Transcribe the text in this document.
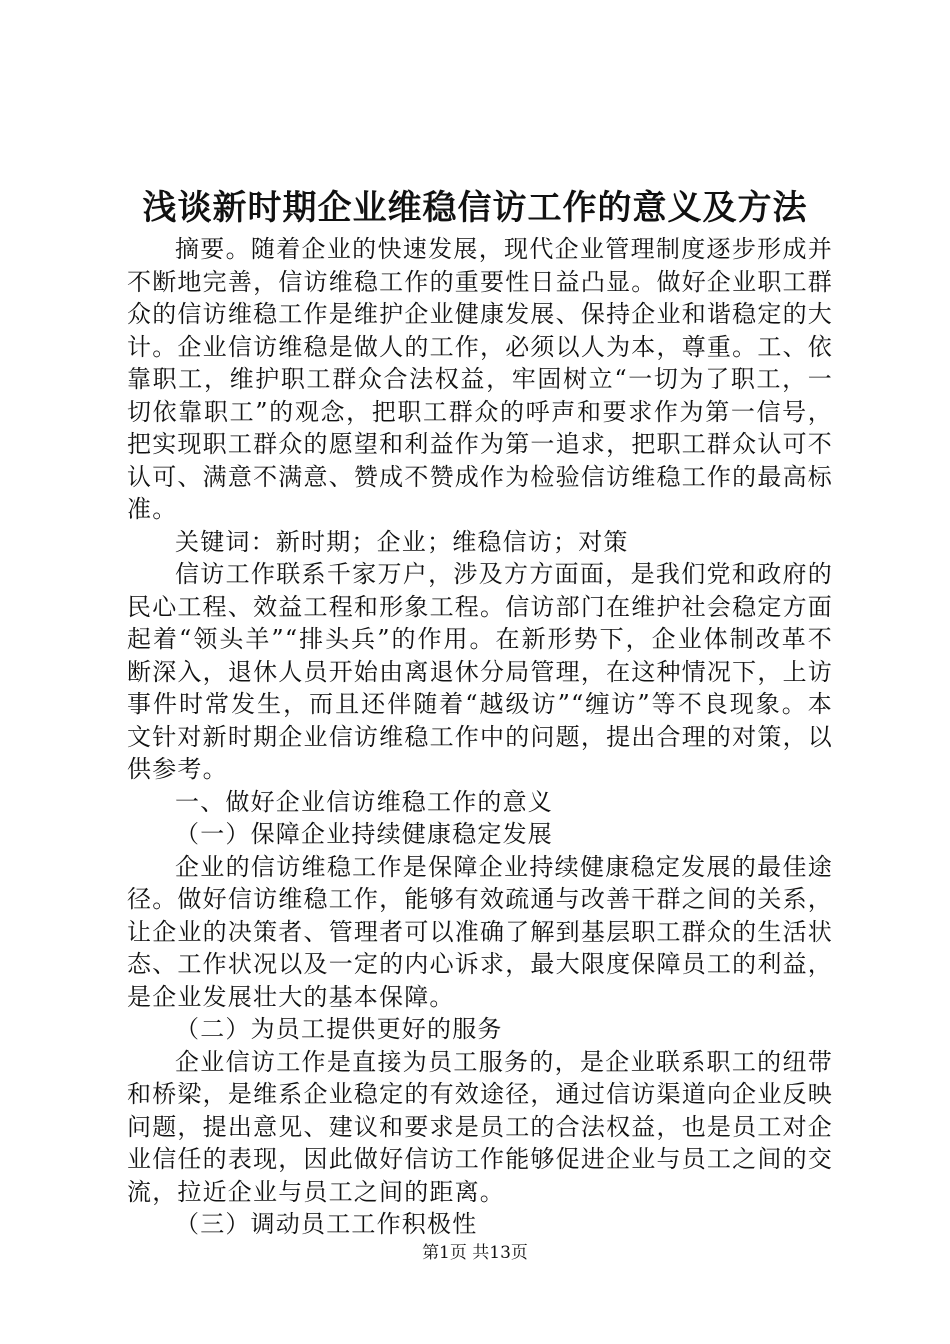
浅谈新时期企业维稳信访工作的意义及方法

摘要。随着企业的快速发展，现代企业管理制度逐步形成并不断地完善，信访维稳工作的重要性日益凸显。做好企业职工群众的信访维稳工作是维护企业健康发展、保持企业和谐稳定的大计。企业信访维稳是做人的工作，必须以人为本，尊重。工、依靠职工，维护职工群众合法权益，牢固树立“一切为了职工，一切依靠职工”的观念，把职工群众的呼声和要求作为第一信号，把实现职工群众的愿望和利益作为第一追求，把职工群众认可不认可、满意不满意、赞成不赞成作为检验信访维稳工作的最高标准。

关键词：新时期；企业；维稳信访；对策

信访工作联系千家万户，涉及方方面面，是我们党和政府的民心工程、效益工程和形象工程。信访部门在维护社会稳定方面起着“领头羊”“排头兵”的作用。在新形势下，企业体制改革不断深入，退休人员开始由离退休分局管理，在这种情况下，上访事件时常发生，而且还伴随着“越级访”“缠访”等不良现象。本文针对新时期企业信访维稳工作中的问题，提出合理的对策，以供参考。

一、做好企业信访维稳工作的意义

（一）保障企业持续健康稳定发展

企业的信访维稳工作是保障企业持续健康稳定发展的最佳途径。做好信访维稳工作，能够有效疏通与改善干群之间的关系，让企业的决策者、管理者可以准确了解到基层职工群众的生活状态、工作状况以及一定的内心诉求，最大限度保障员工的利益，是企业发展壮大的基本保障。

（二）为员工提供更好的服务

企业信访工作是直接为员工服务的，是企业联系职工的纽带和桥梁，是维系企业稳定的有效途径，通过信访渠道向企业反映问题，提出意见、建议和要求是员工的合法权益，也是员工对企业信任的表现，因此做好信访工作能够促进企业与员工之间的交流，拉近企业与员工之间的距离。

（三）调动员工工作积极性

第1页 共13页
